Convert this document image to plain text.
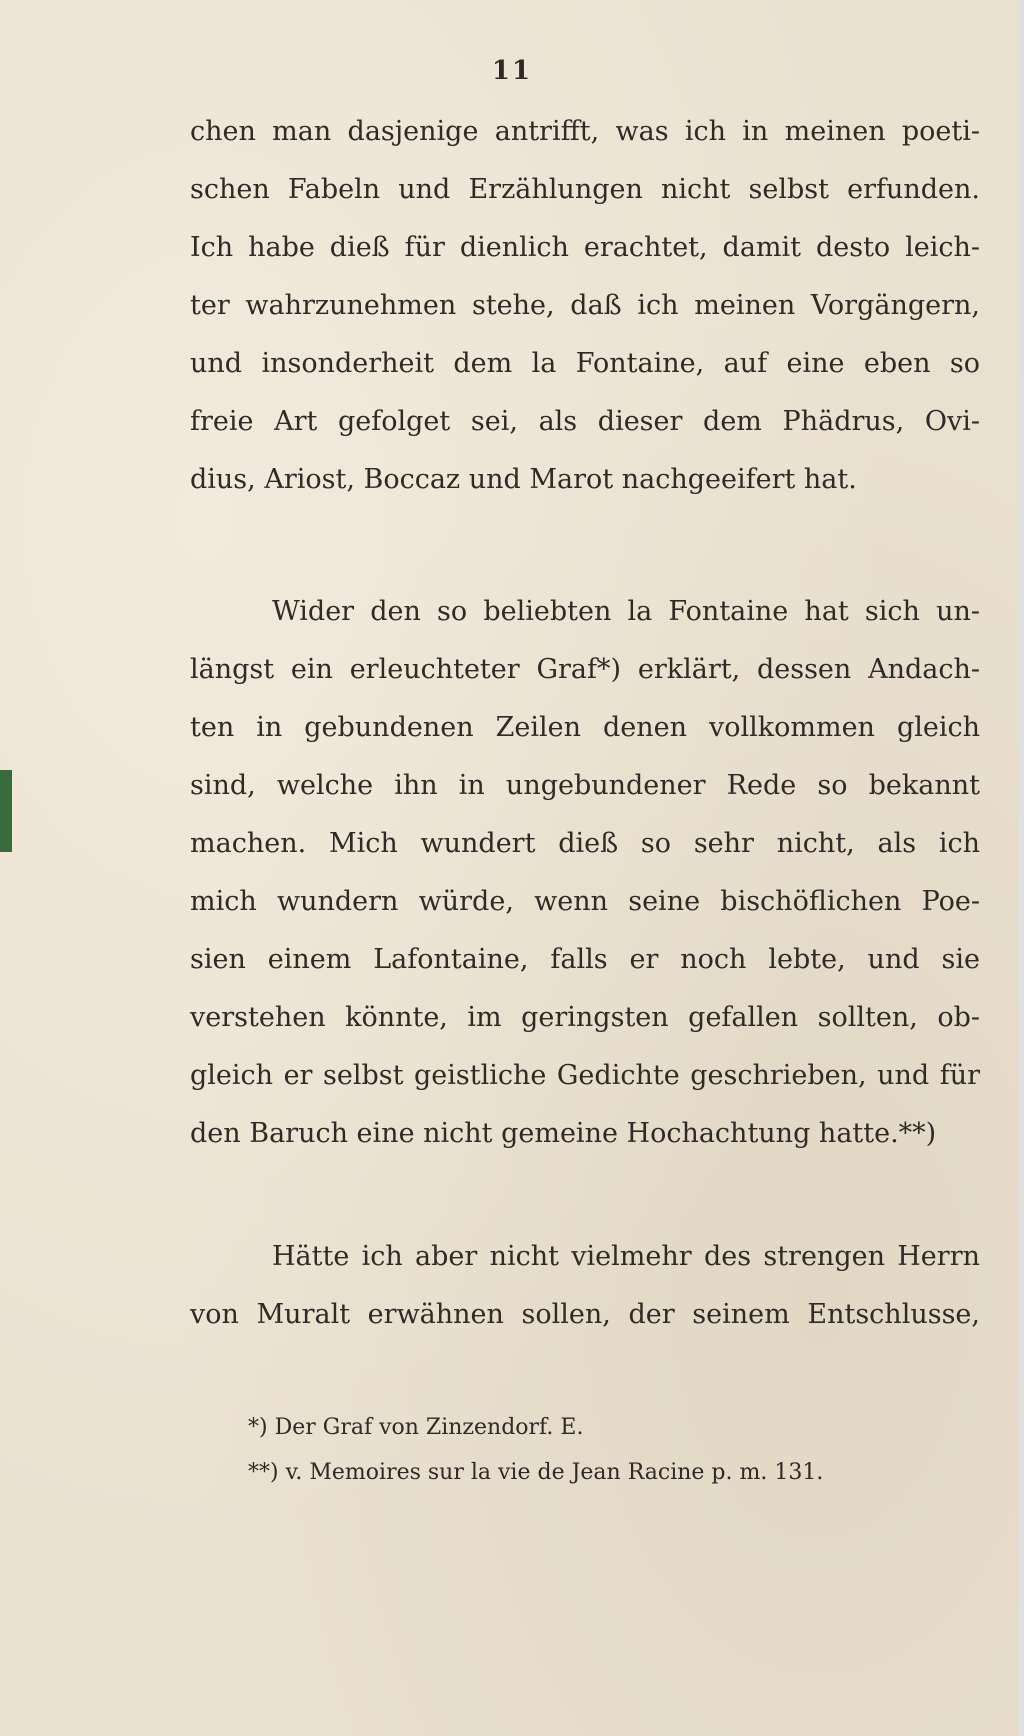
11
chen man dasjenige antrifft, was ich in meinen poeti-
schen Fabeln und Erzählungen nicht selbst erfunden.
Ich habe dieß für dienlich erachtet, damit desto leich-
ter wahrzunehmen stehe, daß ich meinen Vorgängern,
und insonderheit dem la Fontaine, auf eine eben so
freie Art gefolget sei, als dieser dem Phädrus, Ovi-
dius, Ariost, Boccaz und Marot nachgeeifert hat.
Wider den so beliebten la Fontaine hat sich un-
längst ein erleuchteter Graf*) erklärt, dessen Andach-
ten in gebundenen Zeilen denen vollkommen gleich
sind, welche ihn in ungebundener Rede so bekannt
machen. Mich wundert dieß so sehr nicht, als ich
mich wundern würde, wenn seine bischöflichen Poe-
sien einem Lafontaine, falls er noch lebte, und sie
verstehen könnte, im geringsten gefallen sollten, ob-
gleich er selbst geistliche Gedichte geschrieben, und für
den Baruch eine nicht gemeine Hochachtung hatte.**)
Hätte ich aber nicht vielmehr des strengen Herrn
von Muralt erwähnen sollen, der seinem Entschlusse,
*) Der Graf von Zinzendorf. E.
**) v. Memoires sur la vie de Jean Racine p. m. 131.
